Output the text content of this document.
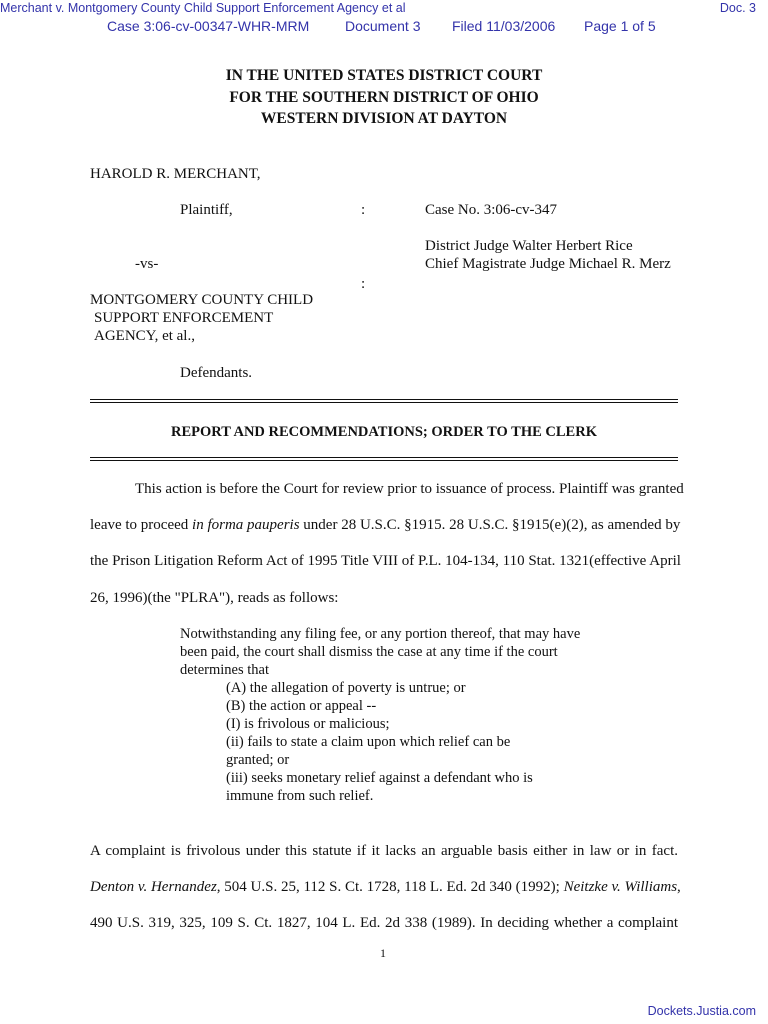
Merchant v. Montgomery County Child Support Enforcement Agency et al	Doc. 3
Case 3:06-cv-00347-WHR-MRM	Document 3 Filed 11/03/2006 Page 1 of 5
IN THE UNITED STATES DISTRICT COURT
FOR THE SOUTHERN DISTRICT OF OHIO
WESTERN DIVISION AT DAYTON
HAROLD R. MERCHANT,
Plaintiff,	:	Case No. 3:06-cv-347
District Judge Walter Herbert Rice
Chief Magistrate Judge Michael R. Merz
-vs-
:
MONTGOMERY COUNTY CHILD
SUPPORT ENFORCEMENT
AGENCY, et al.,
Defendants.
REPORT AND RECOMMENDATIONS; ORDER TO THE CLERK
This action is before the Court for review prior to issuance of process. Plaintiff was granted
leave to proceed in forma pauperis under 28 U.S.C. §1915. 28 U.S.C. §1915(e)(2), as amended by
the Prison Litigation Reform Act of 1995 Title VIII of P.L. 104-134, 110 Stat. 1321(effective April
26, 1996)(the "PLRA"), reads as follows:
Notwithstanding any filing fee, or any portion thereof, that may have
been paid, the court shall dismiss the case at any time if the court
determines that
(A) the allegation of poverty is untrue; or
(B) the action or appeal --
(I) is frivolous or malicious;
(ii) fails to state a claim upon which relief can be
granted; or
(iii) seeks monetary relief against a defendant who is
immune from such relief.
A complaint is frivolous under this statute if it lacks an arguable basis either in law or in fact.
Denton v. Hernandez, 504 U.S. 25, 112 S. Ct. 1728, 118 L. Ed. 2d 340 (1992); Neitzke v. Williams,
490 U.S. 319, 325, 109 S. Ct. 1827, 104 L. Ed. 2d 338 (1989). In deciding whether a complaint
1
Dockets.Justia.com
